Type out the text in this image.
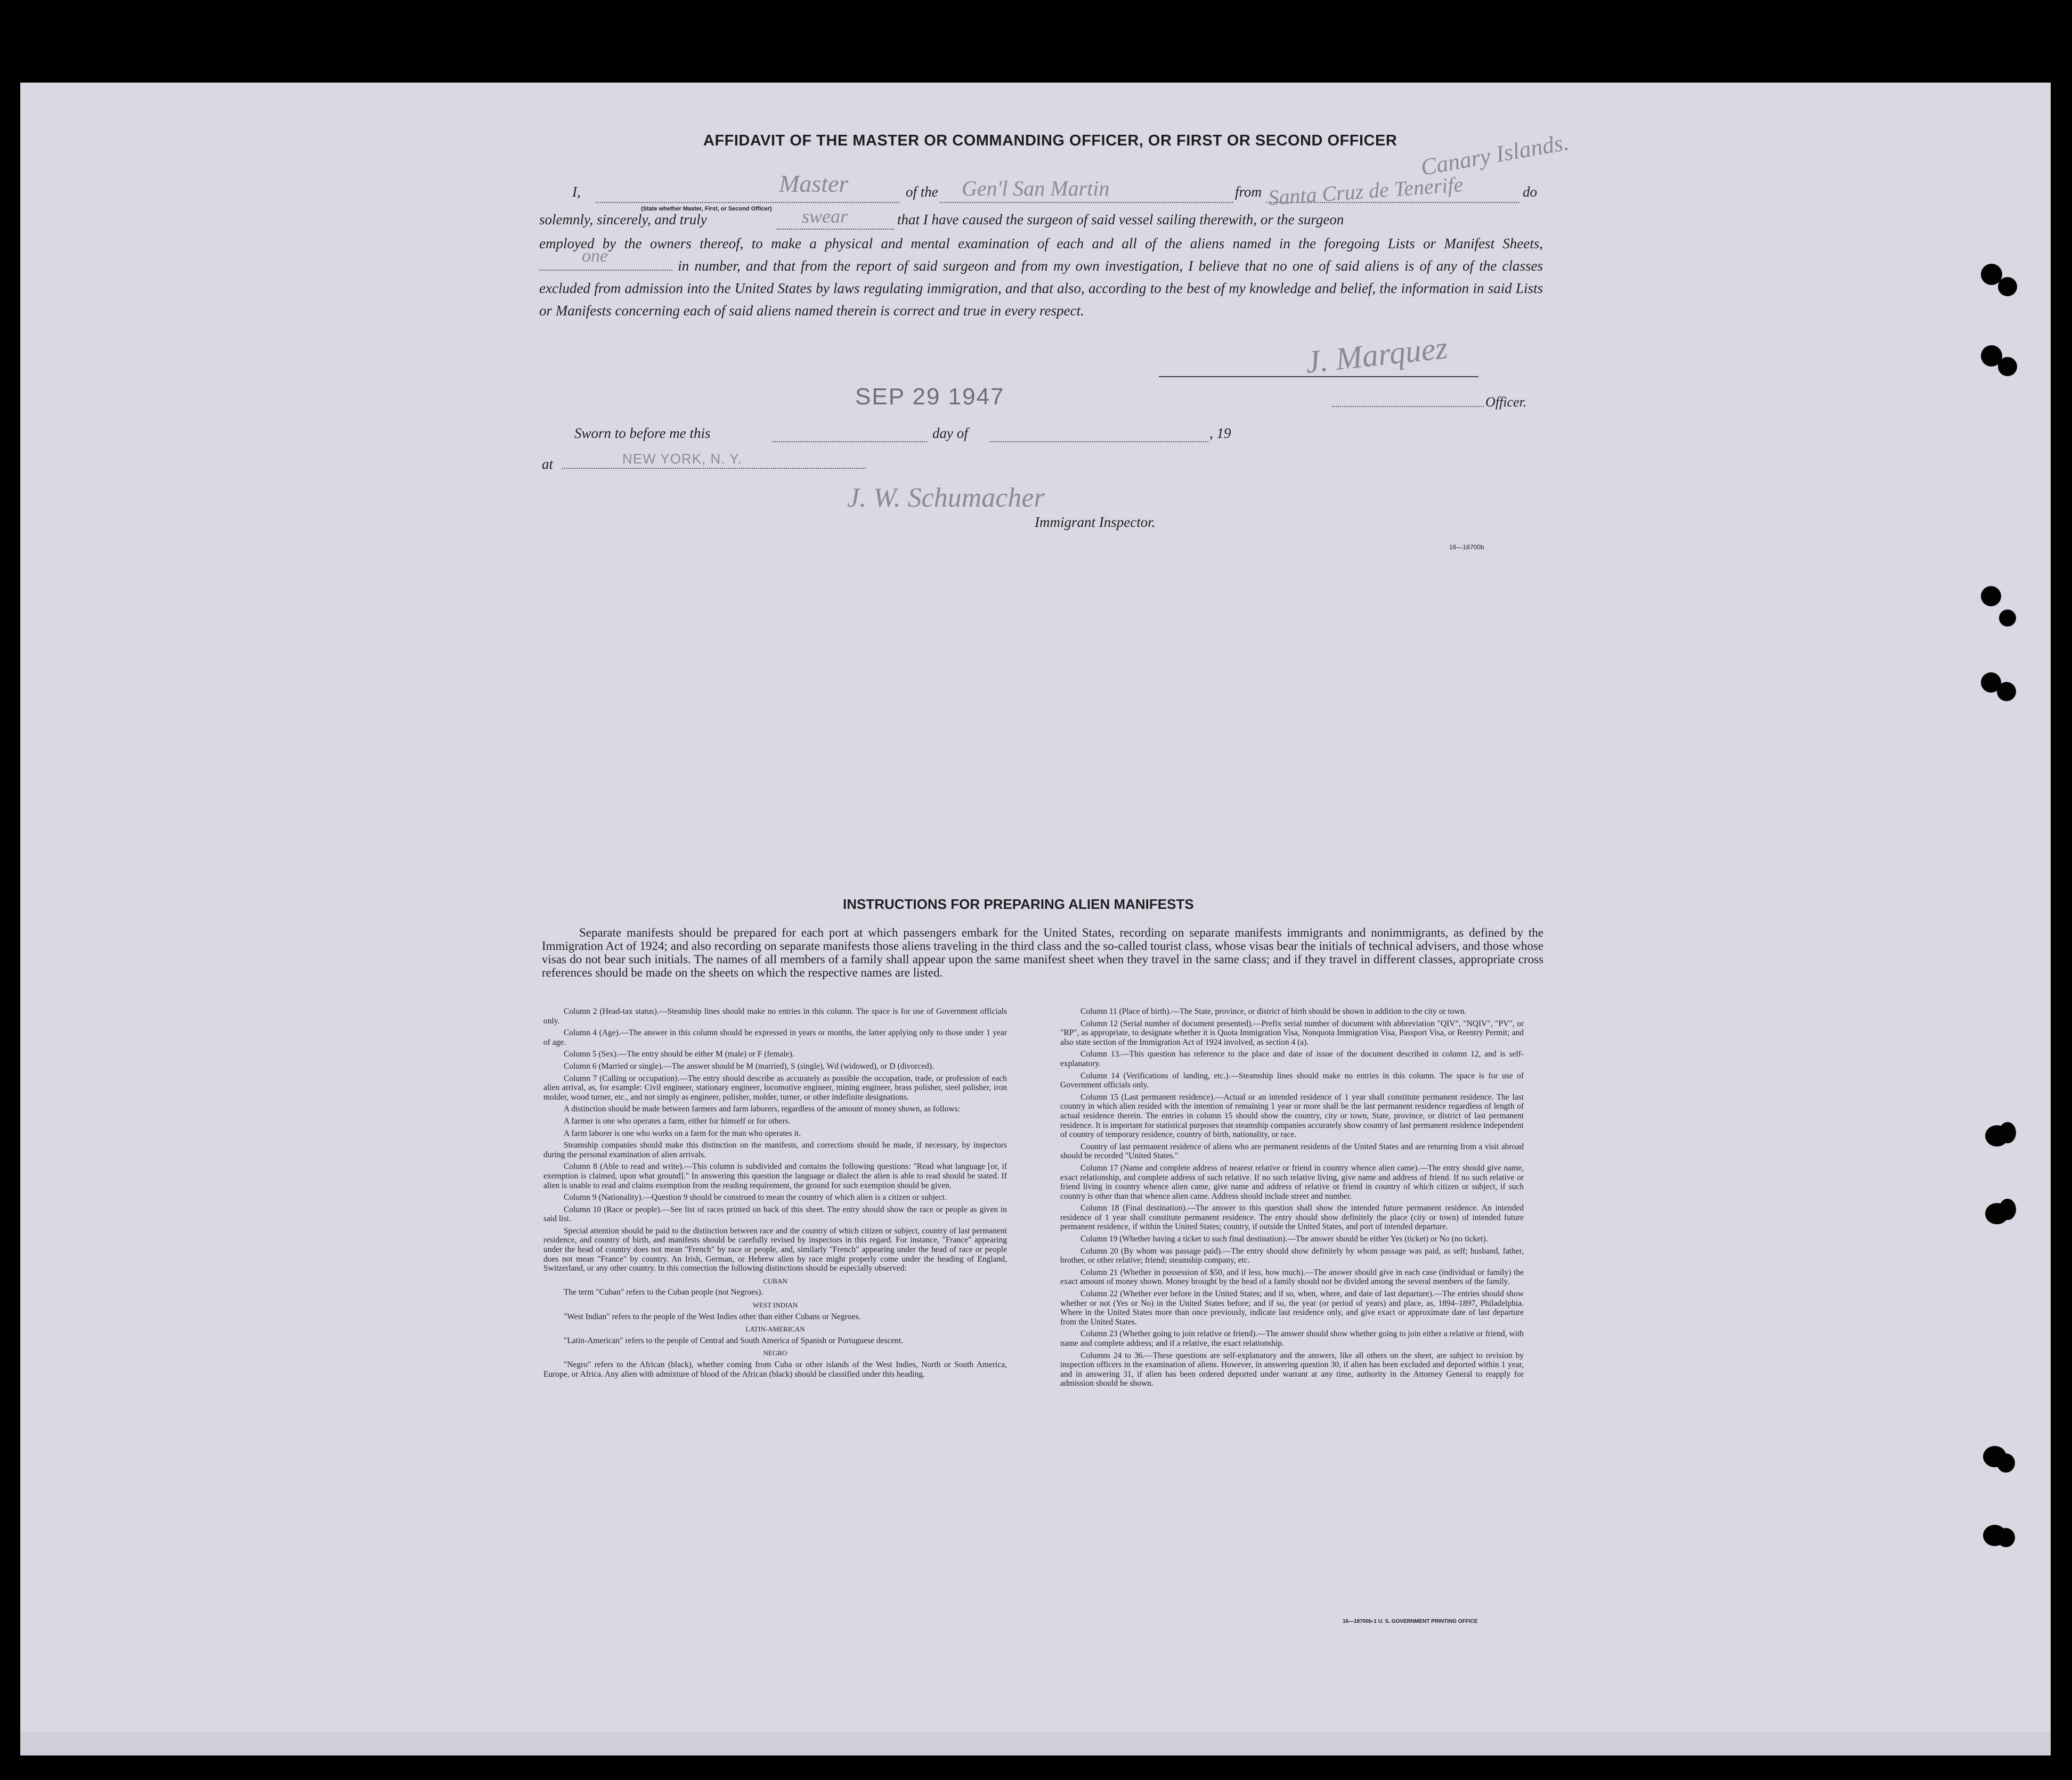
AFFIDAVIT OF THE MASTER OR COMMANDING OFFICER, OR FIRST OR SECOND OFFICER Canary Islands.
I,	Master
(State whether Master, First, or Second Officer)
of the Gen'l San Martin	from Santa Cruz de Tenerife	do
solemnly, sincerely, and truly	swear	that I have caused the surgeon of said vessel sailing therewith, or the surgeon
employed by the owners thereof, to make a physical and mental examination of each and all of the aliens named in the foregoing Lists or Manifest Sheets,
one	in number, and that from the report of said surgeon and from my own investigation, I believe that no one of said aliens is of any of the classes excluded from admission into the United States by laws regulating immigration, and that also, according to the best of my knowledge and belief, the information in said Lists or Manifests concerning each of said aliens named therein is correct and true in every respect.
J. Marquez
Officer.
SEP 29 1947
Sworn to before me this	day of	, 19
at	NEW YORK, N. Y.
J. W. Schumacher
Immigrant Inspector.
16—18700b
INSTRUCTIONS FOR PREPARING ALIEN MANIFESTS
Separate manifests should be prepared for each port at which passengers embark for the United States, recording on separate manifests immigrants and nonimmigrants, as defined by the Immigration Act of 1924; and also recording on separate manifests those aliens traveling in the third class and the so-called tourist class, whose visas bear the initials of technical advisers, and those whose visas do not bear such initials. The names of all members of a family shall appear upon the same manifest sheet when they travel in the same class; and if they travel in different classes, appropriate cross references should be made on the sheets on which the respective names are listed.

Column 2 (Head-tax status).—Steamship lines should make no entries in this column. The space is for use of Government officials only.

Column 4 (Age).—The answer in this column should be expressed in years or months, the latter applying only to those under 1 year of age.

Column 5 (Sex).—The entry should be either M (male) or F (female).

Column 6 (Married or single).—The answer should be M (married), S (single), Wd (widowed), or D (divorced).

Column 7 (Calling or occupation).—The entry should describe as accurately as possible the occupation, trade, or profession of each alien arrival, as, for example: Civil engineer, stationary engineer, locomotive engineer, mining engineer, brass polisher, steel polisher, iron molder, wood turner, etc., and not simply as engineer, polisher, molder, turner, or other indefinite designations.

A distinction should be made between farmers and farm laborers, regardless of the amount of money shown, as follows:

A farmer is one who operates a farm, either for himself or for others.

A farm laborer is one who works on a farm for the man who operates it.

Steamship companies should make this distinction on the manifests, and corrections should be made, if necessary, by inspectors during the personal examination of alien arrivals.

Column 8 (Able to read and write).—This column is subdivided and contains the following questions: "Read what language [or, if exemption is claimed, upon what ground]." In answering this question the language or dialect the alien is able to read should be stated. If alien is unable to read and claims exemption from the reading requirement, the ground for such exemption should be given.

Column 9 (Nationality).—Question 9 should be construed to mean the country of which alien is a citizen or subject.

Column 10 (Race or people).—See list of races printed on back of this sheet. The entry should show the race or people as given in said list.

Special attention should be paid to the distinction between race and the country of which citizen or subject, country of last permanent residence, and country of birth, and manifests should be carefully revised by inspectors in this regard. For instance, "France" appearing under the head of country does not mean "French" by race or people, and, similarly "French" appearing under the head of race or people does not mean "France" by country. An Irish, German, or Hebrew alien by race might properly come under the heading of England, Switzerland, or any other country. In this connection the following distinctions should be especially observed:

CUBAN

The term "Cuban" refers to the Cuban people (not Negroes).

WEST INDIAN

"West Indian" refers to the people of the West Indies other than either Cubans or Negroes.

LATIN-AMERICAN

"Latin-American" refers to the people of Central and South America of Spanish or Portuguese descent.

NEGRO

"Negro" refers to the African (black), whether coming from Cuba or other islands of the West Indies, North or South America, Europe, or Africa. Any alien with admixture of blood of the African (black) should be classified under this heading.

Column 11 (Place of birth).—The State, province, or district of birth should be shown in addition to the city or town.

Column 12 (Serial number of document presented).—Prefix serial number of document with abbreviation "QIV", "NQIV", "PV", or "RP", as appropriate, to designate whether it is Quota Immigration Visa, Nonquota Immigration Visa, Passport Visa, or Reentry Permit; and also state section of the Immigration Act of 1924 involved, as section 4 (a).

Column 13.—This question has reference to the place and date of issue of the document described in column 12, and is self-explanatory.

Column 14 (Verifications of landing, etc.).—Steamship lines should make no entries in this column. The space is for use of Government officials only.

Column 15 (Last permanent residence).—Actual or an intended residence of 1 year shall constitute permanent residence. The last country in which alien resided with the intention of remaining 1 year or more shall be the last permanent residence regardless of length of actual residence therein. The entries in column 15 should show the country, city or town, State, province, or district of last permanent residence. It is important for statistical purposes that steamship companies accurately show country of last permanent residence independent of country of temporary residence, country of birth, nationality, or race.

Country of last permanent residence of aliens who are permanent residents of the United States and are returning from a visit abroad should be recorded "United States."

Column 17 (Name and complete address of nearest relative or friend in country whence alien came).—The entry should give name, exact relationship, and complete address of such relative. If no such relative living, give name and address of friend. If no such relative or friend living in country whence alien came, give name and address of relative or friend in country of which citizen or subject, if such country is other than that whence alien came. Address should include street and number.

Column 18 (Final destination).—The answer to this question shall show the intended future permanent residence. An intended residence of 1 year shall constitute permanent residence. The entry should show definitely the place (city or town) of intended future permanent residence, if within the United States; country, if outside the United States, and port of intended departure.

Column 19 (Whether having a ticket to such final destination).—The answer should be either Yes (ticket) or No (no ticket).

Column 20 (By whom was passage paid).—The entry should show definitely by whom passage was paid, as self; husband, father, brother, or other relative; friend; steamship company, etc.

Column 21 (Whether in possession of $50, and if less, how much).—The answer should give in each case (individual or family) the exact amount of money shown. Money brought by the head of a family should not be divided among the several members of the family.

Column 22 (Whether ever before in the United States; and if so, when, where, and date of last departure).—The entries should show whether or not (Yes or No) in the United States before; and if so, the year (or period of years) and place, as, 1894–1897, Philadelphia. Where in the United States more than once previously, indicate last residence only, and give exact or approximate date of last departure from the United States.

Column 23 (Whether going to join relative or friend).—The answer should show whether going to join either a relative or friend, with name and complete address; and if a relative, the exact relationship.

Columns 24 to 36.—These questions are self-explanatory and the answers, like all others on the sheet, are subject to revision by inspection officers in the examination of aliens. However, in answering question 30, if alien has been excluded and deported within 1 year, and in answering 31, if alien has been ordered deported under warrant at any time, authority in the Attorney General to reapply for admission should be shown.

16—18700b-1 U. S. GOVERNMENT PRINTING OFFICE
